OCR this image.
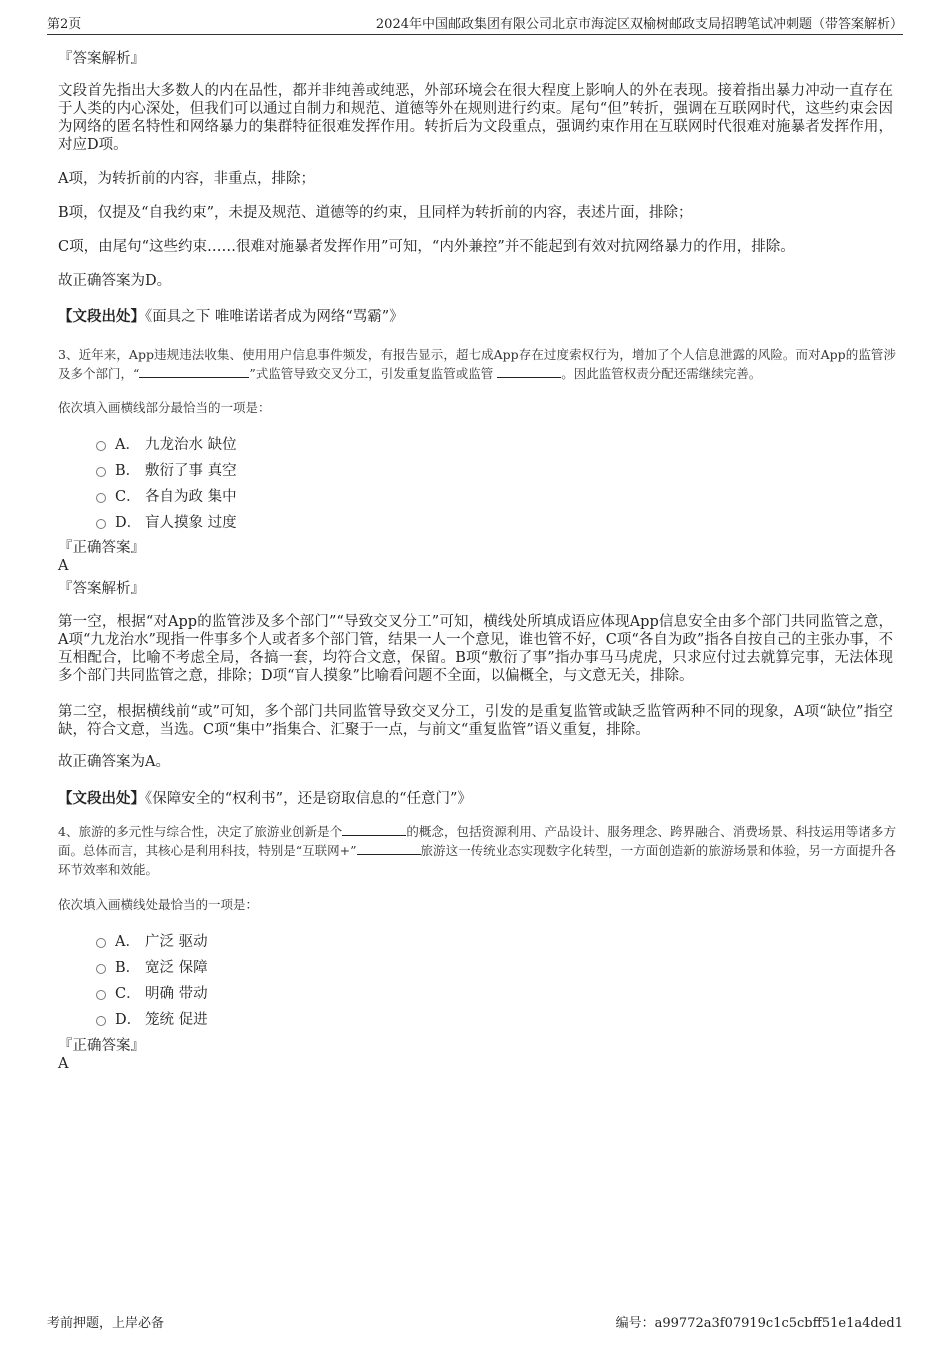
第2页	2024年中国邮政集团有限公司北京市海淀区双榆树邮政支局招聘笔试冲刺题（带答案解析）
『答案解析』
文段首先指出大多数人的内在品性，都并非纯善或纯恶，外部环境会在很大程度上影响人的外在表现。接着指出暴力冲动一直存在于人类的内心深处，但我们可以通过自制力和规范、道德等外在规则进行约束。尾句“但”转折，强调在互联网时代，这些约束会因为网络的匿名特性和网络暴力的集群特征很难发挥作用。转折后为文段重点，强调约束作用在互联网时代很难对施暴者发挥作用，对应D项。
A项，为转折前的内容，非重点，排除；
B项，仅提及“自我约束”，未提及规范、道德等的约束，且同样为转折前的内容，表述片面，排除；
C项，由尾句“这些约束……很难对施暴者发挥作用”可知，“内外兼控”并不能起到有效对抗网络暴力的作用，排除。
故正确答案为D。
【文段出处】《面具之下 唯唯诺诺者成为网络“骂霸”》
3、近年来，App违规违法收集、使用用户信息事件频发，有报告显示，超七成App存在过度索权行为，增加了个人信息泄露的风险。而对App的监管涉及多个部门，“	”式监管导致交叉分工，引发重复监管或监管	。因此监管权责分配还需继续完善。
依次填入画横线部分最恰当的一项是：
A． 九龙治水 缺位
B． 敷衍了事 真空
C． 各自为政 集中
D． 盲人摸象 过度
『正确答案』
A
『答案解析』
第一空，根据“对App的监管涉及多个部门”“导致交叉分工”可知，横线处所填成语应体现App信息安全由多个部门共同监管之意，A项“九龙治水”现指一件事多个人或者多个部门管，结果一人一个意见，谁也管不好，C项“各自为政”指各自按自己的主张办事，不互相配合，比喻不考虑全局，各搞一套，均符合文意，保留。B项“敷衍了事”指办事马马虎虎，只求应付过去就算完事，无法体现多个部门共同监管之意，排除；D项“盲人摸象”比喻看问题不全面，以偏概全，与文意无关，排除。
第二空，根据横线前“或”可知，多个部门共同监管导致交叉分工，引发的是重复监管或缺乏监管两种不同的现象，A项“缺位”指空缺，符合文意，当选。C项“集中”指集合、汇聚于一点，与前文“重复监管”语义重复，排除。
故正确答案为A。
【文段出处】《保障安全的“权利书”，还是窃取信息的“任意门”》
4、旅游的多元性与综合性，决定了旅游业创新是个	的概念，包括资源利用、产品设计、服务理念、跨界融合、消费场景、科技运用等诸多方面。总体而言，其核心是利用科技，特别是“互联网+”	旅游这一传统业态实现数字化转型，一方面创造新的旅游场景和体验，另一方面提升各环节效率和效能。
依次填入画横线处最恰当的一项是：
A． 广泛 驱动
B． 宽泛 保障
C． 明确 带动
D． 笼统 促进
『正确答案』
A
考前押题，上岸必备	编号：a99772a3f07919c1c5cbff51e1a4ded1
